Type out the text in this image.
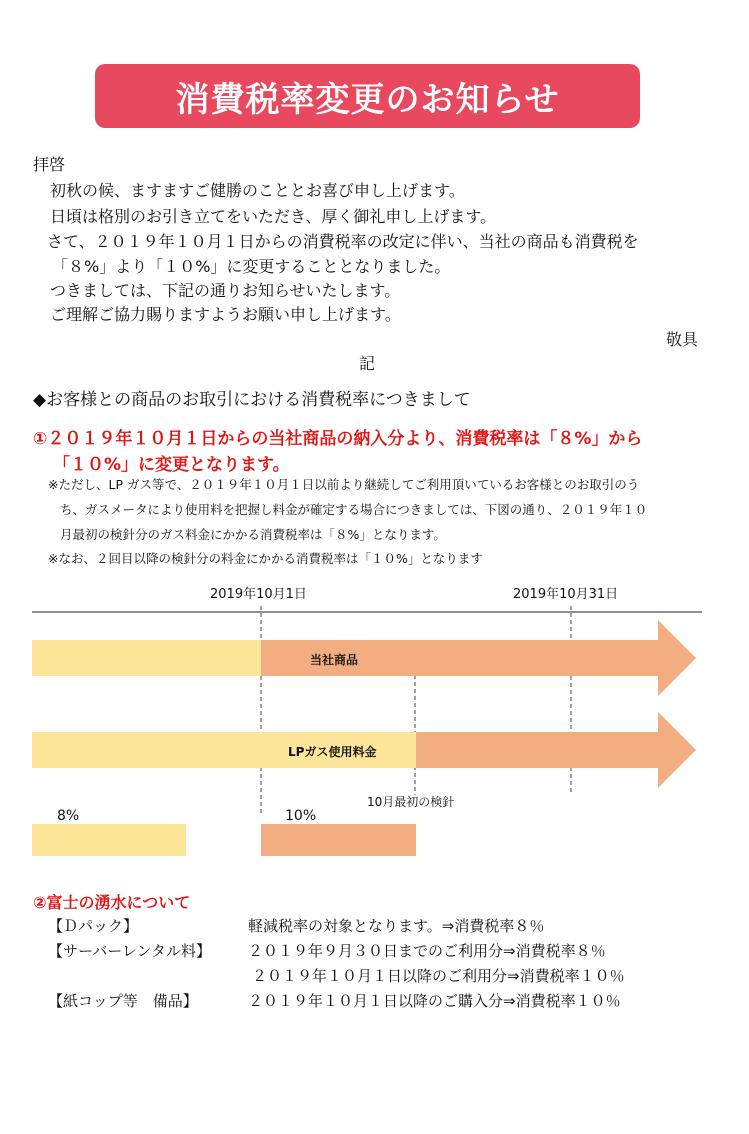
消費税率変更のお知らせ
拝啓
初秋の候、ますますご健勝のこととお喜び申し上げます。
日頃は格別のお引き立てをいただき、厚く御礼申し上げます。
さて、２０１９年１０月１日からの消費税率の改定に伴い、当社の商品も消費税を
「８%」より「１０%」に変更することとなりました。
つきましては、下記の通りお知らせいたします。
ご理解ご協力賜りますようお願い申し上げます。
敬具
記
◆お客様との商品のお取引における消費税率につきまして
①２０１９年１０月１日からの当社商品の納入分より、消費税率は「８%」から
「１０%」に変更となります。
※ただし、LP ガス等で、２０１９年１０月１日以前より継続してご利用頂いているお客様とのお取引のう
ち、ガスメータにより使用料を把握し料金が確定する場合につきましては、下図の通り、２０１９年１０
月最初の検針分のガス料金にかかる消費税率は「８%」となります。
※なお、２回目以降の検針分の料金にかかる消費税率は「１０%」となります
2019年10月1日	2019年10月31日
当社商品
LPガス使用料金
10月最初の検針
8%	10%
②富士の湧水について
【Ｄパック】	軽減税率の対象となります。⇒消費税率８％
【サーバーレンタル料】 ２０１９年９月３０日までのご利用分⇒消費税率８％
２０１９年１０月１日以降のご利用分⇒消費税率１０％
【紙コップ等　備品】	２０１９年１０月１日以降のご購入分⇒消費税率１０％
